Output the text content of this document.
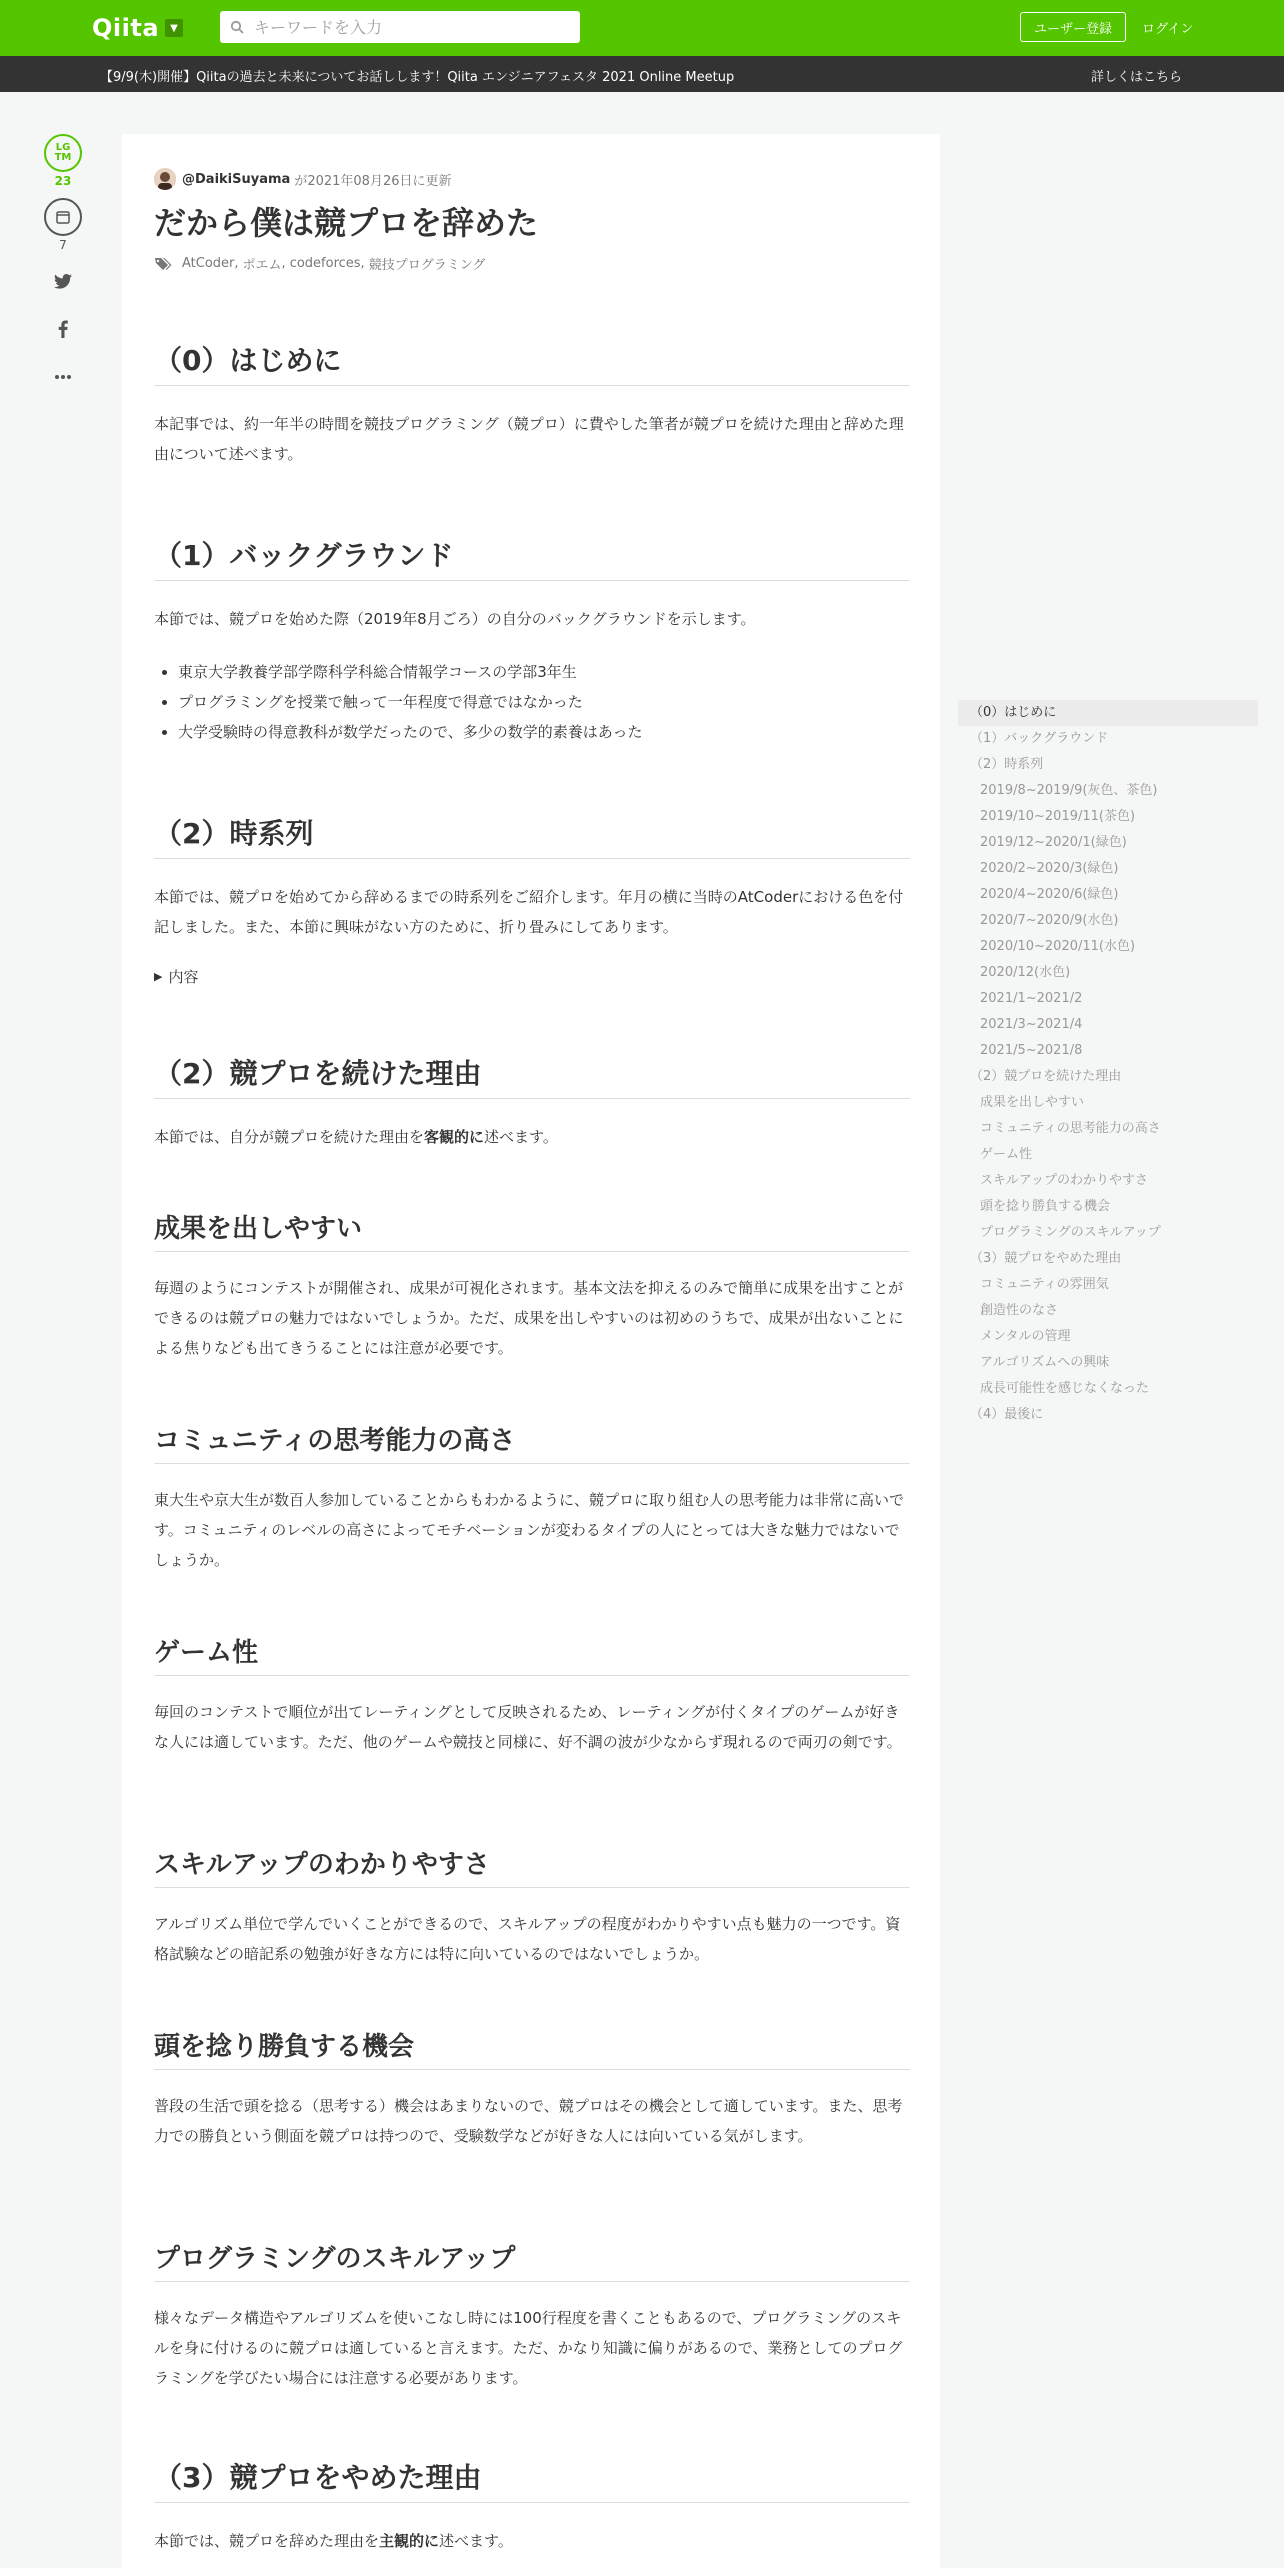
Qiita	▼
キーワードを入力	ユーザー登録	ログイン
【9/9(木)開催】Qiitaの過去と未来についてお話しします！Qiita エンジニアフェスタ 2021 Online Meetup	詳しくはこちら
LG
TM
23
7
@DaikiSuyama が2021年08月26日に更新
だから僕は競プロを辞めた
AtCoder , ポエム , codeforces , 競技プログラミング
（0）はじめに

本記事では、約一年半の時間を競技プログラミング（競プロ）に費やした筆者が競プロを続けた理由と辞めた理由について述べます。

（1）バックグラウンド

本節では、競プロを始めた際（2019年8月ごろ）の自分のバックグラウンドを示します。

• 東京大学教養学部学際科学科総合情報学コースの学部3年生
• プログラミングを授業で触って一年程度で得意ではなかった
• 大学受験時の得意教科が数学だったので、多少の数学的素養はあった
（2）時系列

本節では、競プロを始めてから辞めるまでの時系列をご紹介します。年月の横に当時のAtCoderにおける色を付記しました。また、本節に興味がない方のために、折り畳みにしてあります。

▶ 内容
（2）競プロを続けた理由

本節では、自分が競プロを続けた理由を客観的に述べます。

成果を出しやすい

毎週のようにコンテストが開催され、成果が可視化されます。基本文法を抑えるのみで簡単に成果を出すことができるのは競プロの魅力ではないでしょうか。ただ、成果を出しやすいのは初めのうちで、成果が出ないことによる焦りなども出てきうることには注意が必要です。

コミュニティの思考能力の高さ

東大生や京大生が数百人参加していることからもわかるように、競プロに取り組む人の思考能力は非常に高いです。コミュニティのレベルの高さによってモチベーションが変わるタイプの人にとっては大きな魅力ではないでしょうか。

ゲーム性

毎回のコンテストで順位が出てレーティングとして反映されるため、レーティングが付くタイプのゲームが好きな人には適しています。ただ、他のゲームや競技と同様に、好不調の波が少なからず現れるので両刃の剣です。

スキルアップのわかりやすさ

アルゴリズム単位で学んでいくことができるので、スキルアップの程度がわかりやすい点も魅力の一つです。資格試験などの暗記系の勉強が好きな方には特に向いているのではないでしょうか。

頭を捻り勝負する機会

普段の生活で頭を捻る（思考する）機会はあまりないので、競プロはその機会として適しています。また、思考力での勝負という側面を競プロは持つので、受験数学などが好きな人には向いている気がします。

プログラミングのスキルアップ

様々なデータ構造やアルゴリズムを使いこなし時には100行程度を書くこともあるので、プログラミングのスキルを身に付けるのに競プロは適していると言えます。ただ、かなり知識に偏りがあるので、業務としてのプログラミングを学びたい場合には注意する必要があります。

（3）競プロをやめた理由

本節では、競プロを辞めた理由を主観的に述べます。

（0）はじめに
（1）バックグラウンド
（2）時系列
2019/8~2019/9(灰色、茶色)
2019/10~2019/11(茶色)
2019/12~2020/1(緑色)
2020/2~2020/3(緑色)
2020/4~2020/6(緑色)
2020/7~2020/9(水色)
2020/10~2020/11(水色)
2020/12(水色)
2021/1~2021/2
2021/3~2021/4
2021/5~2021/8
（2）競プロを続けた理由
成果を出しやすい
コミュニティの思考能力の高さ
ゲーム性
スキルアップのわかりやすさ
頭を捻り勝負する機会
プログラミングのスキルアップ
（3）競プロをやめた理由
コミュニティの雰囲気
創造性のなさ
メンタルの管理
アルゴリズムへの興味
成長可能性を感じなくなった
（4）最後に
